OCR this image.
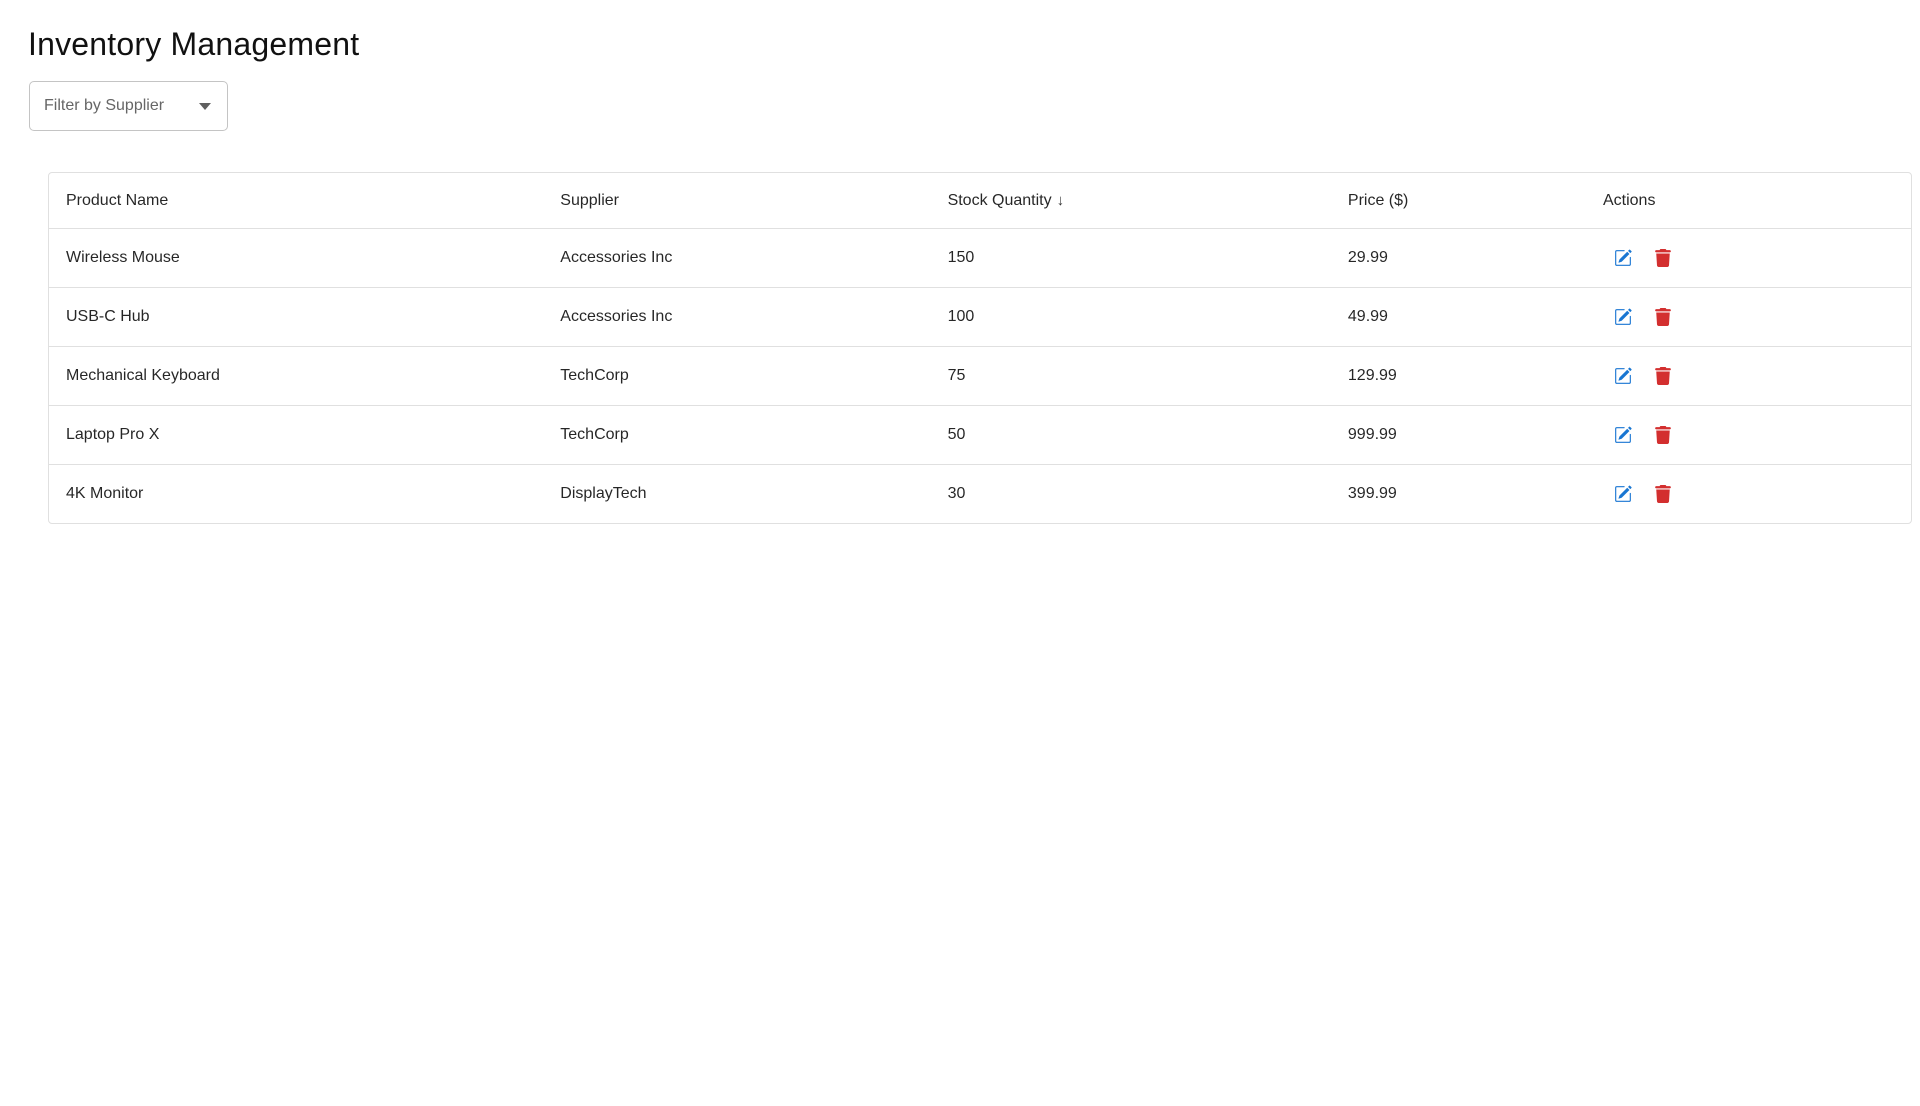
Inventory Management
Filter by Supplier
Product Name	Supplier	Stock Quantity ↓	Price ($)	Actions
Wireless Mouse	Accessories Inc	150	29.99	

USB-C Hub	Accessories Inc	100	49.99	

Mechanical Keyboard	TechCorp	75	129.99	

Laptop Pro X	TechCorp	50	999.99	

4K Monitor	DisplayTech	30	399.99	
